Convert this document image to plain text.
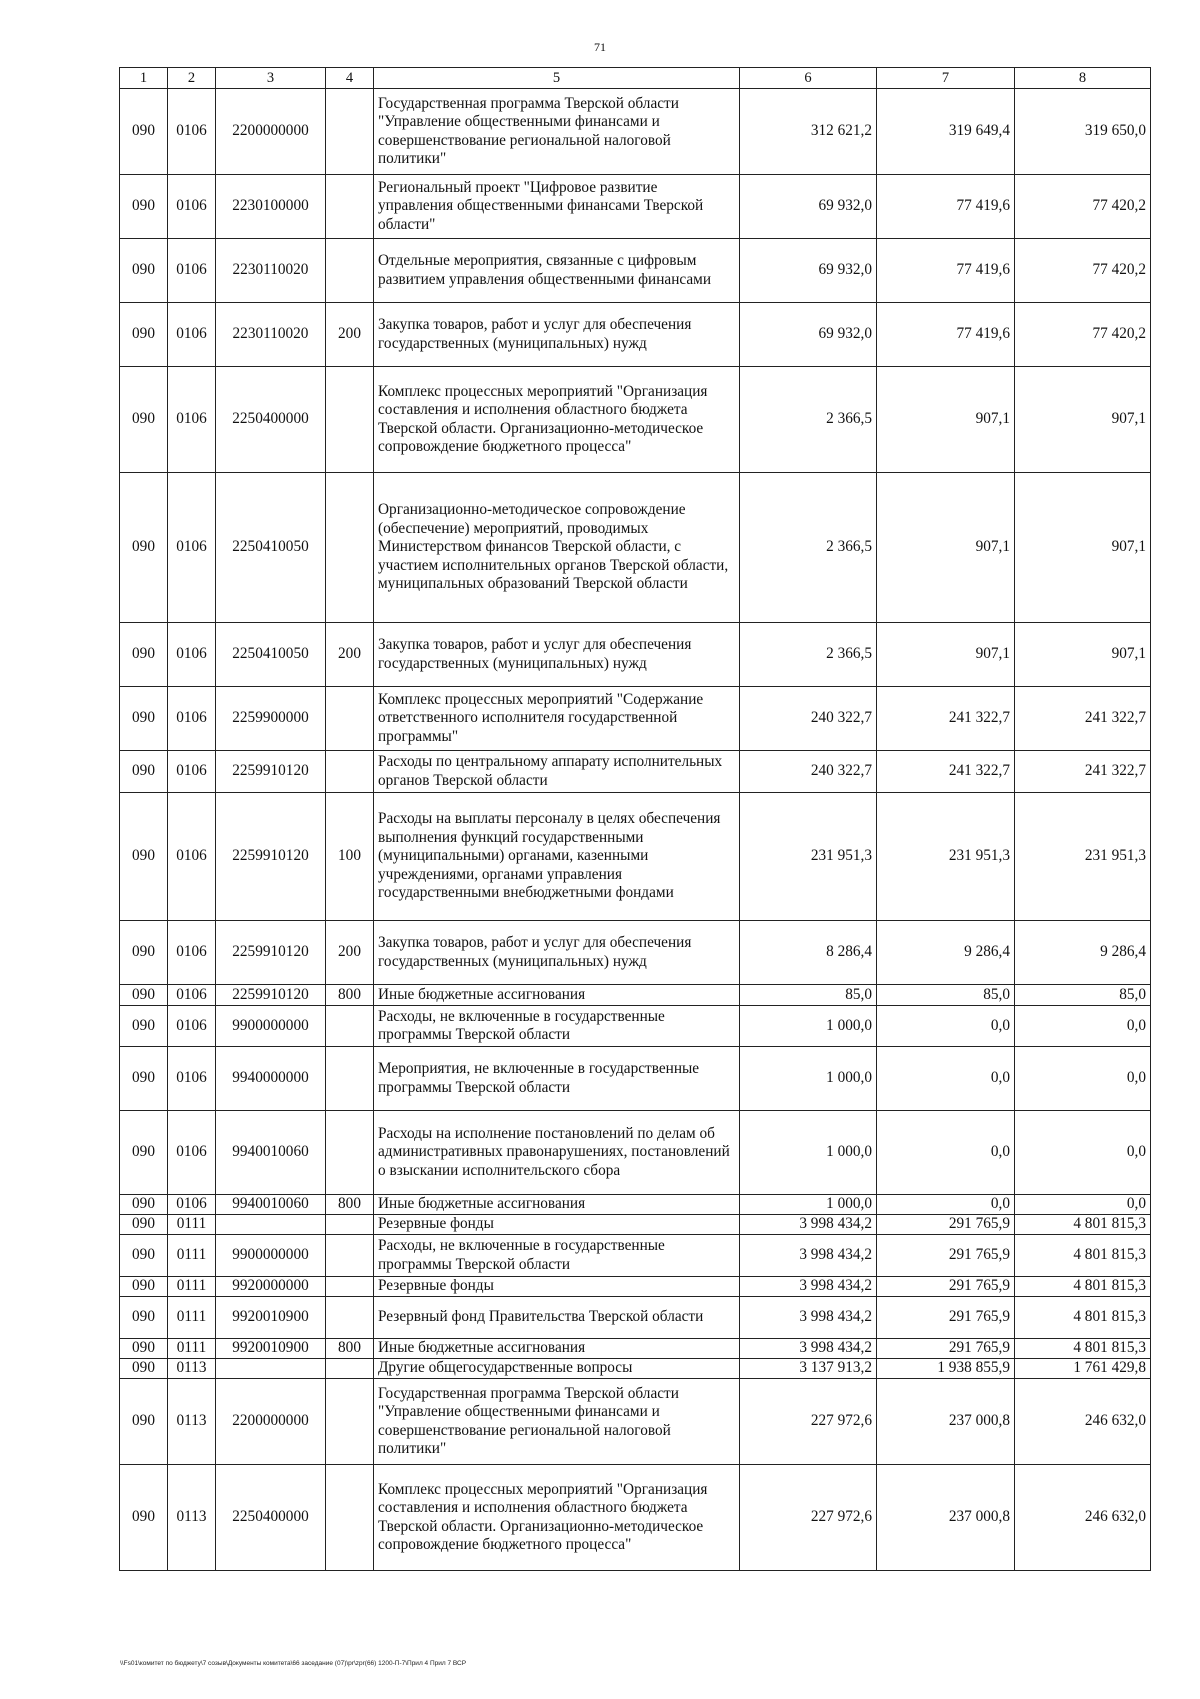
71
1	2	3	4	5	6	7	8
090	0106	2200000000		Государственная программа Тверской области "Управление общественными финансами и совершенствование региональной налоговой политики"	312 621,2	319 649,4	319 650,0
090	0106	2230100000		Региональный проект "Цифровое развитие управления общественными финансами Тверской области"	69 932,0	77 419,6	77 420,2
090	0106	2230110020		Отдельные мероприятия, связанные с цифровым развитием управления общественными финансами	69 932,0	77 419,6	77 420,2
090	0106	2230110020	200	Закупка товаров, работ и услуг для обеспечения государственных (муниципальных) нужд	69 932,0	77 419,6	77 420,2
090	0106	2250400000		Комплекс процессных мероприятий "Организация составления и исполнения областного бюджета Тверской области. Организационно-методическое сопровождение бюджетного процесса"	2 366,5	907,1	907,1
090	0106	2250410050		Организационно-методическое сопровождение (обеспечение) мероприятий, проводимых Министерством финансов Тверской области, с участием исполнительных органов Тверской области, муниципальных образований Тверской области	2 366,5	907,1	907,1
090	0106	2250410050	200	Закупка товаров, работ и услуг для обеспечения государственных (муниципальных) нужд	2 366,5	907,1	907,1
090	0106	2259900000		Комплекс процессных мероприятий "Содержание ответственного исполнителя государственной программы"	240 322,7	241 322,7	241 322,7
090	0106	2259910120		Расходы по центральному аппарату исполнительных органов Тверской области	240 322,7	241 322,7	241 322,7
090	0106	2259910120	100	Расходы на выплаты персоналу в целях обеспечения выполнения функций государственными (муниципальными) органами, казенными учреждениями, органами управления государственными внебюджетными фондами	231 951,3	231 951,3	231 951,3
090	0106	2259910120	200	Закупка товаров, работ и услуг для обеспечения государственных (муниципальных) нужд	8 286,4	9 286,4	9 286,4
090	0106	2259910120	800	Иные бюджетные ассигнования	85,0	85,0	85,0
090	0106	9900000000		Расходы, не включенные в государственные программы Тверской области	1 000,0	0,0	0,0
090	0106	9940000000		Мероприятия, не включенные в государственные программы Тверской области	1 000,0	0,0	0,0
090	0106	9940010060		Расходы на исполнение постановлений по делам об административных правонарушениях, постановлений о взыскании исполнительского сбора	1 000,0	0,0	0,0
090	0106	9940010060	800	Иные бюджетные ассигнования	1 000,0	0,0	0,0
090	0111			Резервные фонды	3 998 434,2	291 765,9	4 801 815,3
090	0111	9900000000		Расходы, не включенные в государственные программы Тверской области	3 998 434,2	291 765,9	4 801 815,3
090	0111	9920000000		Резервные фонды	3 998 434,2	291 765,9	4 801 815,3
090	0111	9920010900		Резервный фонд Правительства Тверской области	3 998 434,2	291 765,9	4 801 815,3
090	0111	9920010900	800	Иные бюджетные ассигнования	3 998 434,2	291 765,9	4 801 815,3
090	0113			Другие общегосударственные вопросы	3 137 913,2	1 938 855,9	1 761 429,8
090	0113	2200000000		Государственная программа Тверской области "Управление общественными финансами и совершенствование региональной налоговой политики"	227 972,6	237 000,8	246 632,0
090	0113	2250400000		Комплекс процессных мероприятий "Организация составления и исполнения областного бюджета Тверской области. Организационно-методическое сопровождение бюджетного процесса"	227 972,6	237 000,8	246 632,0
\\Fs01\комитет по бюджету\7 созыв\Документы комитета\66 заседание (07)\pr\zpr(66) 1200-П-7\Прил 4 Прил 7 ВСР
